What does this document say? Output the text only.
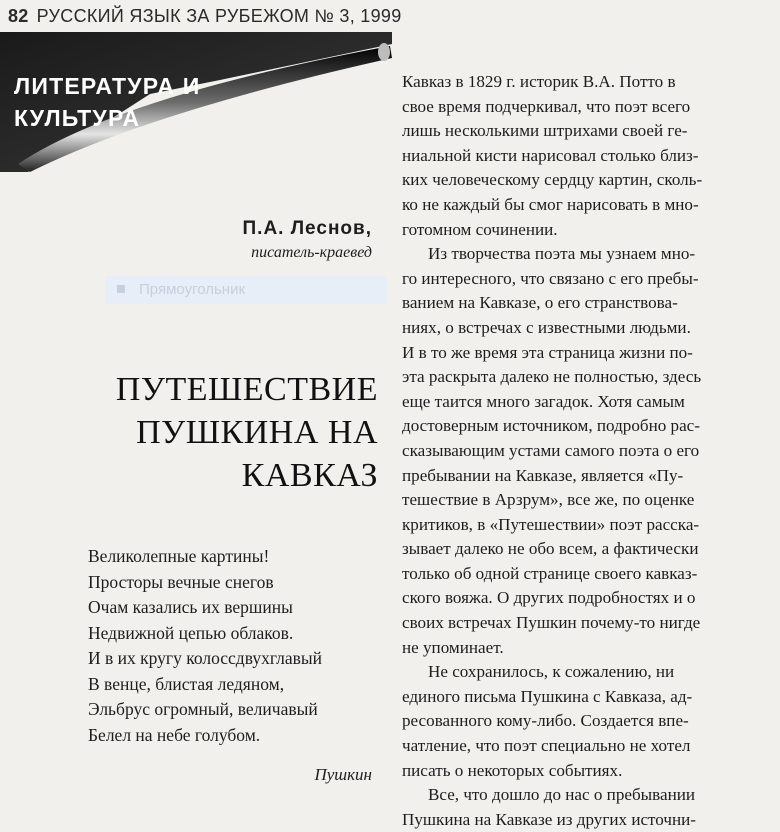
82 РУССКИЙ ЯЗЫК ЗА РУБЕЖОМ № 3, 1999
ЛИТЕРАТУРА И
КУЛЬТУРА
П.А. Леснов,
писатель-краевед
Прямоугольник
ПУТЕШЕСТВИЕ
ПУШКИНА НА
КАВКАЗ
Великолепные картины!
Просторы вечные снегов
Очам казались их вершины
Недвижной цепью облаков.
И в их кругу колоссдвухглавый
В венце, блистая ледяном,
Эльбрус огромный, величавый
Белел на небе голубом.
Пушкин
Кавказ в 1829 г. историк В.А. Потто в
свое время подчеркивал, что поэт всего
лишь несколькими штрихами своей ге-
ниальной кисти нарисовал столько близ-
ких человеческому сердцу картин, сколь-
ко не каждый бы смог нарисовать в мно-
готомном сочинении.
Из творчества поэта мы узнаем мно-
го интересного, что связано с его пребы-
ванием на Кавказе, о его странствова-
ниях, о встречах с известными людьми.
И в то же время эта страница жизни по-
эта раскрыта далеко не полностью, здесь
еще таится много загадок. Хотя самым
достоверным источником, подробно рас-
сказывающим устами самого поэта о его
пребывании на Кавказе, является «Пу-
тешествие в Арзрум», все же, по оценке
критиков, в «Путешествии» поэт расска-
зывает далеко не обо всем, а фактически
только об одной странице своего кавказ-
ского вояжа. О других подробностях и о
своих встречах Пушкин почему-то нигде
не упоминает.
Не сохранилось, к сожалению, ни
единого письма Пушкина с Кавказа, ад-
ресованного кому-либо. Создается впе-
чатление, что поэт специально не хотел
писать о некоторых событиях.
Все, что дошло до нас о пребывании
Пушкина на Кавказе из других источни-
